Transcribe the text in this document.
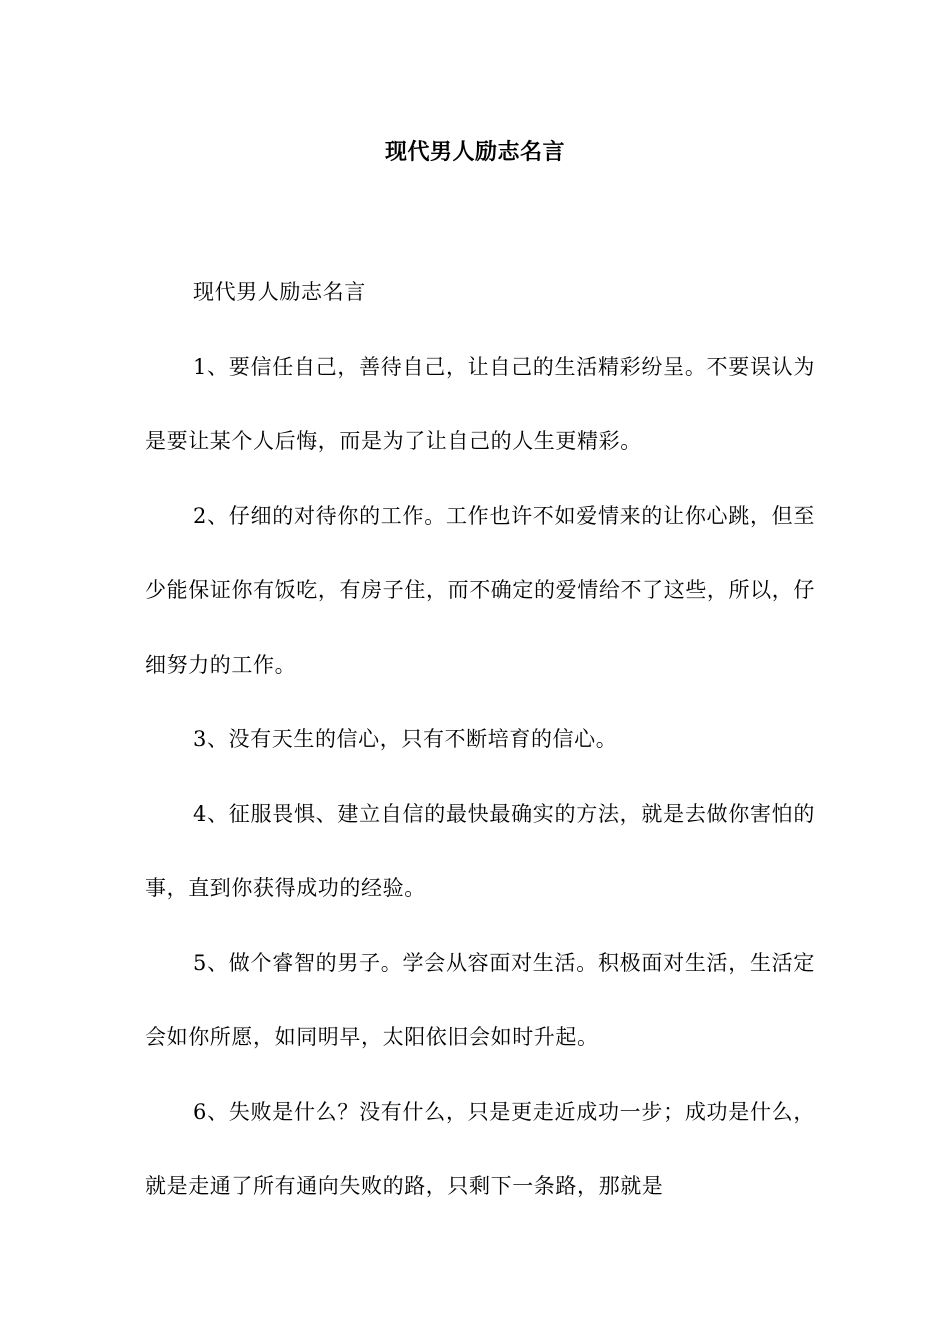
现代男人励志名言

现代男人励志名言

1、要信任自己，善待自己，让自己的生活精彩纷呈。不要误认为是要让某个人后悔，而是为了让自己的人生更精彩。

2、仔细的对待你的工作。工作也许不如爱情来的让你心跳，但至少能保证你有饭吃，有房子住，而不确定的爱情给不了这些，所以，仔细努力的工作。

3、没有天生的信心，只有不断培育的信心。

4、征服畏惧、建立自信的最快最确实的方法，就是去做你害怕的事，直到你获得成功的经验。

5、做个睿智的男子。学会从容面对生活。积极面对生活，生活定会如你所愿，如同明早，太阳依旧会如时升起。

6、失败是什么？没有什么，只是更走近成功一步；成功是什么，就是走通了所有通向失败的路，只剩下一条路，那就是
